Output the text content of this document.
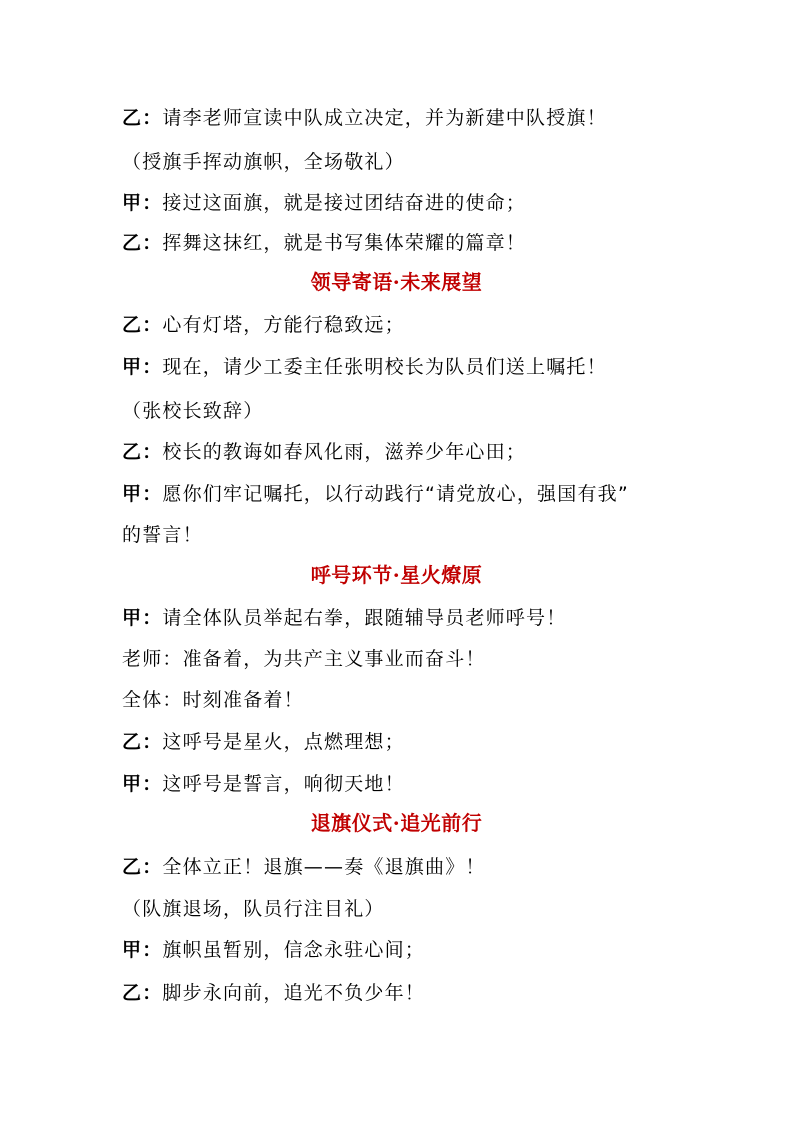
乙：请李老师宣读中队成立决定，并为新建中队授旗！
（授旗手挥动旗帜，全场敬礼）
甲：接过这面旗，就是接过团结奋进的使命；
乙：挥舞这抹红，就是书写集体荣耀的篇章！
领导寄语·未来展望
乙：心有灯塔，方能行稳致远；
甲：现在，请少工委主任张明校长为队员们送上嘱托！
（张校长致辞）
乙：校长的教诲如春风化雨，滋养少年心田；
甲：愿你们牢记嘱托，以行动践行“请党放心，强国有我”
的誓言！
呼号环节·星火燎原
甲：请全体队员举起右拳，跟随辅导员老师呼号！
老师：准备着，为共产主义事业而奋斗！
全体：时刻准备着！
乙：这呼号是星火，点燃理想；
甲：这呼号是誓言，响彻天地！
退旗仪式·追光前行
乙：全体立正！退旗——奏《退旗曲》！
（队旗退场，队员行注目礼）
甲：旗帜虽暂别，信念永驻心间；
乙：脚步永向前，追光不负少年！
